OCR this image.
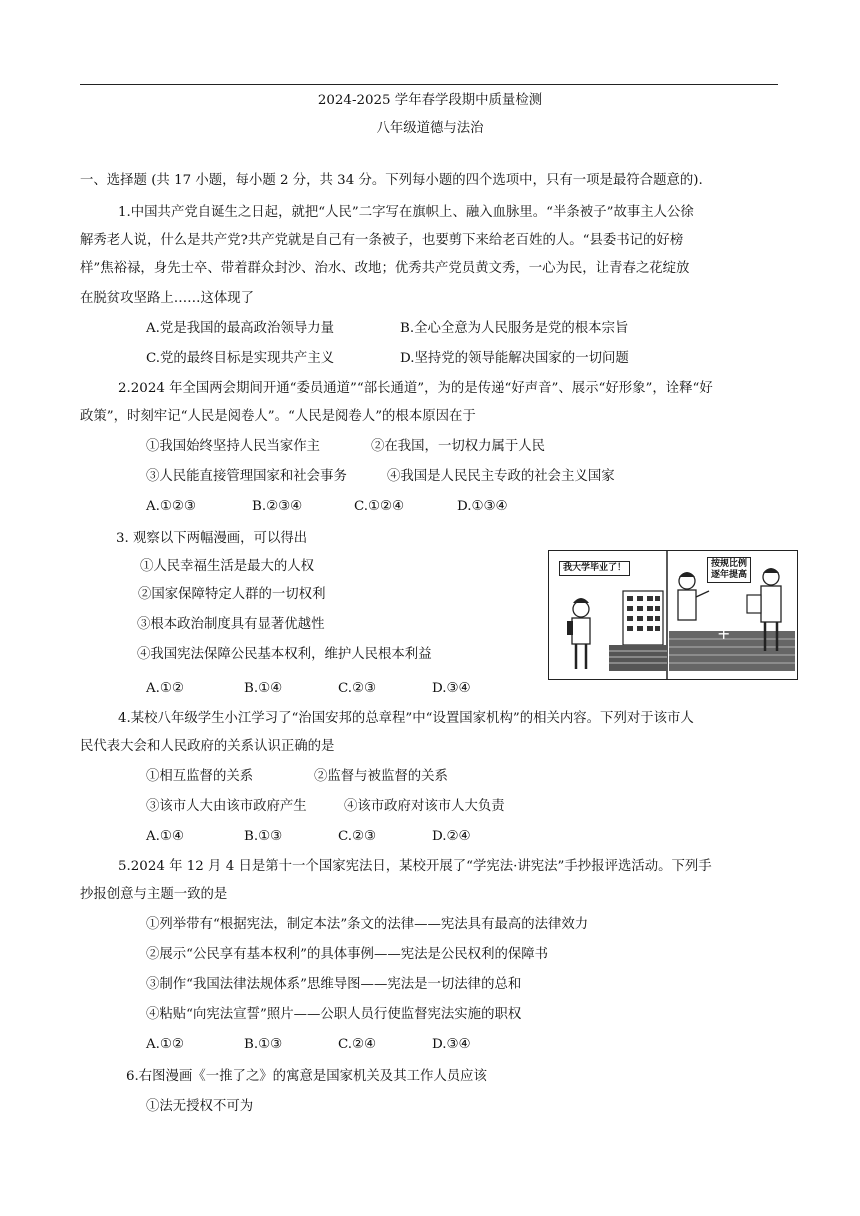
2024-2025 学年春学段期中质量检测
八年级道德与法治
一、选择题 (共 17 小题，每小题 2 分，共 34 分。下列每小题的四个选项中，只有一项是最符合题意的).
1.中国共产党自诞生之日起，就把“人民”二字写在旗帜上、融入血脉里。“半条被子”故事主人公徐
解秀老人说，什么是共产党?共产党就是自己有一条被子，也要剪下来给老百姓的人。“县委书记的好榜
样”焦裕禄，身先士卒、带着群众封沙、治水、改地；优秀共产党员黄文秀，一心为民，让青春之花绽放
在脱贫攻坚路上……这体现了
A.党是我国的最高政治领导力量	B.全心全意为人民服务是党的根本宗旨
C.党的最终目标是实现共产主义	D.坚持党的领导能解决国家的一切问题
2.2024 年全国两会期间开通“委员通道”“部长通道”，为的是传递“好声音”、展示“好形象”，诠释“好
政策”，时刻牢记“人民是阅卷人”。“人民是阅卷人”的根本原因在于
①我国始终坚持人民当家作主	②在我国，一切权力属于人民
③人民能直接管理国家和社会事务	④我国是人民民主专政的社会主义国家
A.①②③	B.②③④	C.①②④	D.①③④
3. 观察以下两幅漫画，可以得出
①人民幸福生活是最大的人权
②国家保障特定人群的一切权利
③根本政治制度具有显著优越性
④我国宪法保障公民基本权利，维护人民根本利益
A.①②	B.①④	C.②③	D.③④
+
我大学毕业了！	按规比例
逐年提高
4.某校八年级学生小江学习了“治国安邦的总章程”中“设置国家机构”的相关内容。下列对于该市人
民代表大会和人民政府的关系认识正确的是
①相互监督的关系	②监督与被监督的关系
③该市人大由该市政府产生	④该市政府对该市人大负责
A.①④	B.①③	C.②③	D.②④
5.2024 年 12 月 4 日是第十一个国家宪法日，某校开展了“学宪法·讲宪法”手抄报评选活动。下列手
抄报创意与主题一致的是
①列举带有“根据宪法，制定本法”条文的法律——宪法具有最高的法律效力
②展示“公民享有基本权利”的具体事例——宪法是公民权利的保障书
③制作“我国法律法规体系”思维导图——宪法是一切法律的总和
④粘贴“向宪法宣誓”照片——公职人员行使监督宪法实施的职权
A.①②	B.①③	C.②④	D.③④
6.右图漫画《一推了之》的寓意是国家机关及其工作人员应该
①法无授权不可为
